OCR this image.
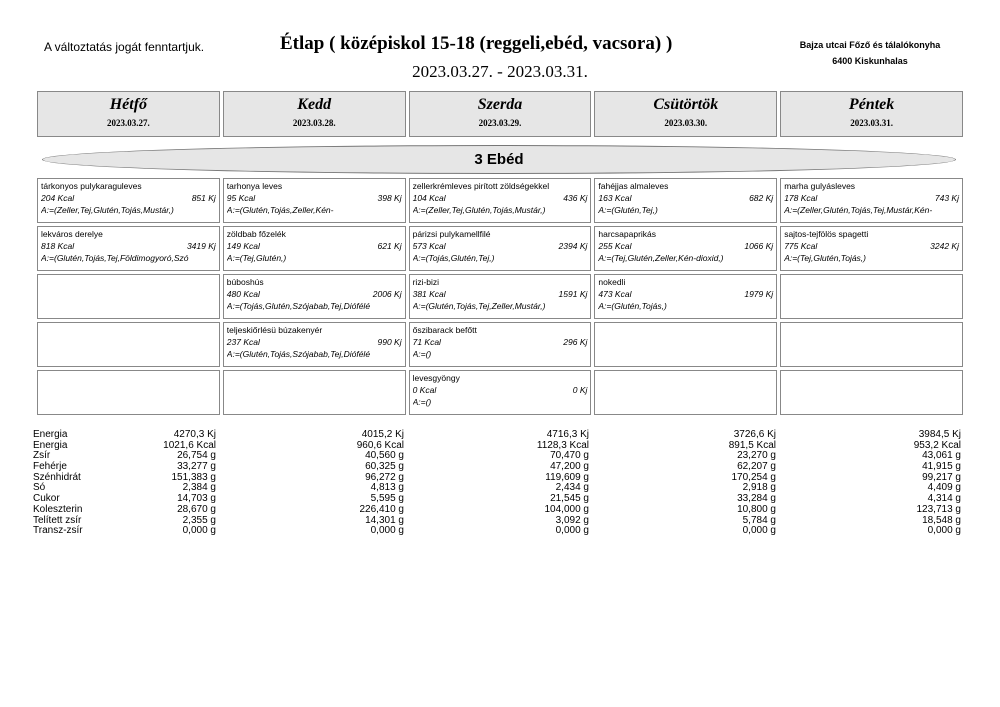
A változtatás jogát fenntartjuk.	Étlap ( középiskol 15-18 (reggeli,ebéd, vacsora) )
2023.03.27. - 2023.03.31.
Bajza utcai Főző és tálalókonyha
6400 Kiskunhalas
Hétfő
2023.03.27.
Kedd
2023.03.28.
Szerda
2023.03.29.
Csütörtök
2023.03.30.
Péntek
2023.03.31.
3 Ebéd
tárkonyos pulykaraguleves
204 Kcal	851 Kj
A:=(Zeller,Tej,Glutén,Tojás,Mustár,)
tarhonya leves
95 Kcal	398 Kj
A:=(Glutén,Tojás,Zeller,Kén-
zellerkrémleves pirított zöldségekkel
104 Kcal	436 Kj
A:=(Zeller,Tej,Glutén,Tojás,Mustár,)
fahéjjas almaleves
163 Kcal	682 Kj
A:=(Glutén,Tej,)
marha gulyásleves
178 Kcal	743 Kj
A:=(Zeller,Glutén,Tojás,Tej,Mustár,Kén-
lekváros derelye
818 Kcal	3419 Kj
A:=(Glutén,Tojás,Tej,Földimogyoró,Szó
zöldbab főzelék
149 Kcal	621 Kj
A:=(Tej,Glutén,)
párizsi pulykamellfilé
573 Kcal	2394 Kj
A:=(Tojás,Glutén,Tej,)
harcsapaprikás
255 Kcal	1066 Kj
A:=(Tej,Glutén,Zeller,Kén-dioxid,)
sajtos-tejfölös spagetti
775 Kcal	3242 Kj
A:=(Tej,Glutén,Tojás,)
búboshús
480 Kcal	2006 Kj
A:=(Tojás,Glutén,Szójabab,Tej,Diófélé
rizi-bizi
381 Kcal	1591 Kj
A:=(Glutén,Tojás,Tej,Zeller,Mustár,)
nokedli
473 Kcal	1979 Kj
A:=(Glutén,Tojás,)
teljeskiőrlésü búzakenyér
237 Kcal	990 Kj
A:=(Glutén,Tojás,Szójabab,Tej,Diófélé
őszibarack befőtt
71 Kcal	296 Kj
A:=()
levesgyöngy
0 Kcal	0 Kj
A:=()
Energia	4270,3 Kj	4015,2 Kj	4716,3 Kj	3726,6 Kj	3984,5 Kj
Energia	1021,6 Kcal	960,6 Kcal	1128,3 Kcal	891,5 Kcal	953,2 Kcal
Zsír	26,754 g	40,560 g	70,470 g	23,270 g	43,061 g
Fehérje	33,277 g	60,325 g	47,200 g	62,207 g	41,915 g
Szénhidrát	151,383 g	96,272 g	119,609 g	170,254 g	99,217 g
Só	2,384 g	4,813 g	2,434 g	2,918 g	4,409 g
Cukor	14,703 g	5,595 g	21,545 g	33,284 g	4,314 g
Koleszterin	28,670 g	226,410 g	104,000 g	10,800 g	123,713 g
Telített zsír	2,355 g	14,301 g	3,092 g	5,784 g	18,548 g
Transz-zsír	0,000 g	0,000 g	0,000 g	0,000 g	0,000 g
